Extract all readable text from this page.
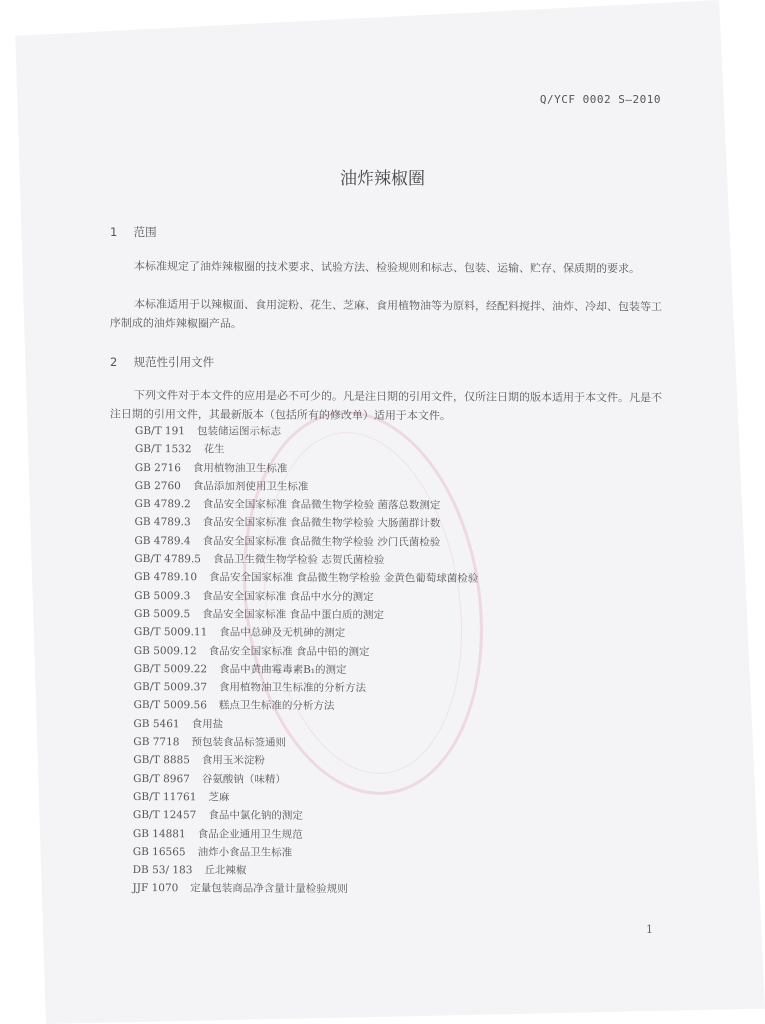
Q/YCF 0002 S—2010
油炸辣椒圈
1 范围
本标准规定了油炸辣椒圈的技术要求、试验方法、检验规则和标志、包装、运输、贮存、保质期的要求。
本标准适用于以辣椒面、食用淀粉、花生、芝麻、食用植物油等为原料，经配料搅拌、油炸、冷却、包装等工序制成的油炸辣椒圈产品。
2 规范性引用文件
下列文件对于本文件的应用是必不可少的。凡是注日期的引用文件，仅所注日期的版本适用于本文件。凡是不注日期的引用文件，其最新版本（包括所有的修改单）适用于本文件。
GB/T 191 包装储运图示标志
GB/T 1532 花生
GB 2716 食用植物油卫生标准
GB 2760 食品添加剂使用卫生标准
GB 4789.2 食品安全国家标准 食品微生物学检验 菌落总数测定
GB 4789.3 食品安全国家标准 食品微生物学检验 大肠菌群计数
GB 4789.4 食品安全国家标准 食品微生物学检验 沙门氏菌检验
GB/T 4789.5 食品卫生微生物学检验 志贺氏菌检验
GB 4789.10 食品安全国家标准 食品微生物学检验 金黄色葡萄球菌检验
GB 5009.3 食品安全国家标准 食品中水分的测定
GB 5009.5 食品安全国家标准 食品中蛋白质的测定
GB/T 5009.11 食品中总砷及无机砷的测定
GB 5009.12 食品安全国家标准 食品中铅的测定
GB/T 5009.22 食品中黄曲霉毒素B₁的测定
GB/T 5009.37 食用植物油卫生标准的分析方法
GB/T 5009.56 糕点卫生标准的分析方法
GB 5461 食用盐
GB 7718 预包装食品标签通则
GB/T 8885 食用玉米淀粉
GB/T 8967 谷氨酸钠（味精）
GB/T 11761 芝麻
GB/T 12457 食品中氯化钠的测定
GB 14881 食品企业通用卫生规范
GB 16565 油炸小食品卫生标准
DB 53/ 183 丘北辣椒
JJF 1070 定量包装商品净含量计量检验规则
1
